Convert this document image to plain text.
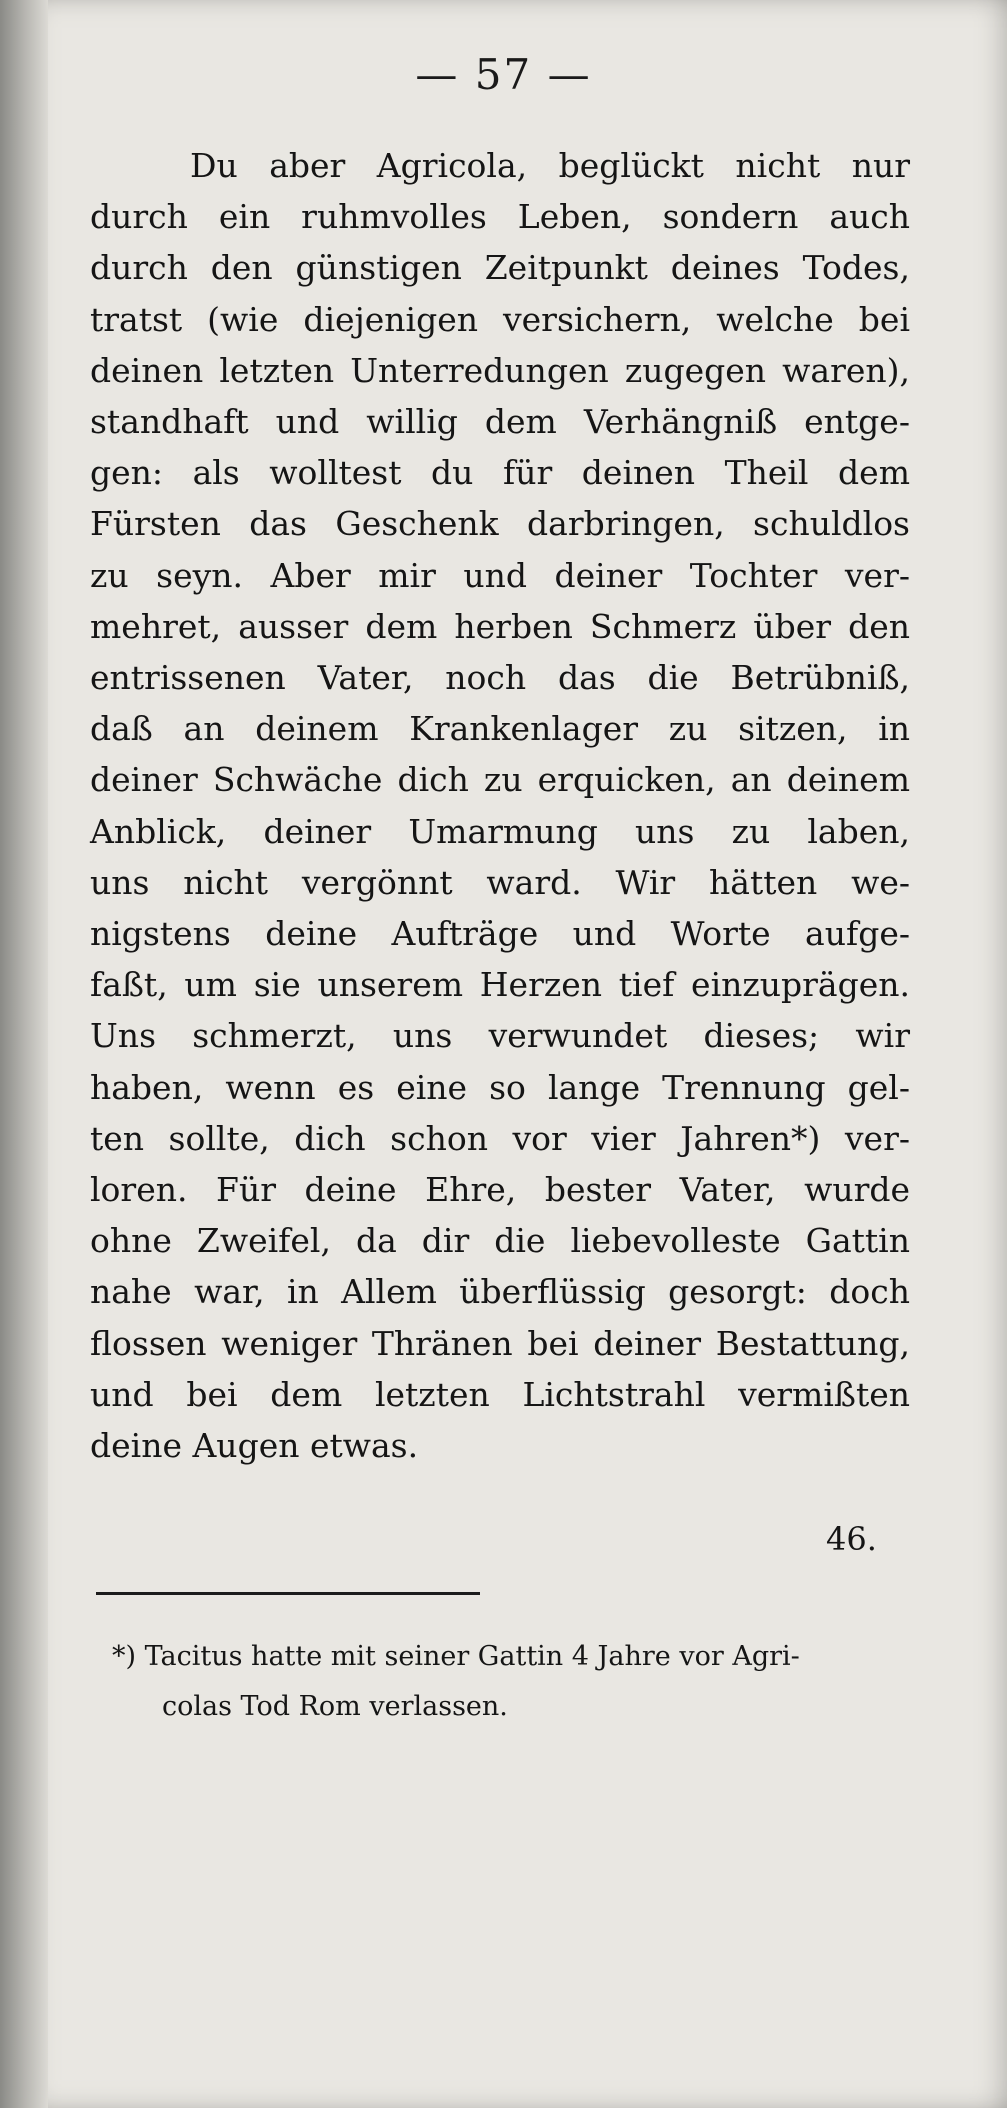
— 57 —
Du aber Agricola, beglückt nicht nur
durch ein ruhmvolles Leben, sondern auch
durch den günstigen Zeitpunkt deines Todes,
tratst (wie diejenigen versichern, welche bei
deinen letzten Unterredungen zugegen waren),
standhaft und willig dem Verhängniß entge-
gen: als wolltest du für deinen Theil dem
Fürsten das Geschenk darbringen, schuldlos
zu seyn. Aber mir und deiner Tochter ver-
mehret, ausser dem herben Schmerz über den
entrissenen Vater, noch das die Betrübniß,
daß an deinem Krankenlager zu sitzen, in
deiner Schwäche dich zu erquicken, an deinem
Anblick, deiner Umarmung uns zu laben,
uns nicht vergönnt ward. Wir hätten we-
nigstens deine Aufträge und Worte aufge-
faßt, um sie unserem Herzen tief einzuprägen.
Uns schmerzt, uns verwundet dieses; wir
haben, wenn es eine so lange Trennung gel-
ten sollte, dich schon vor vier Jahren*) ver-
loren. Für deine Ehre, bester Vater, wurde
ohne Zweifel, da dir die liebevolleste Gattin
nahe war, in Allem überflüssig gesorgt: doch
flossen weniger Thränen bei deiner Bestattung,
und bei dem letzten Lichtstrahl vermißten
deine Augen etwas.
46.
*) Tacitus hatte mit seiner Gattin 4 Jahre vor Agri-
colas Tod Rom verlassen.
